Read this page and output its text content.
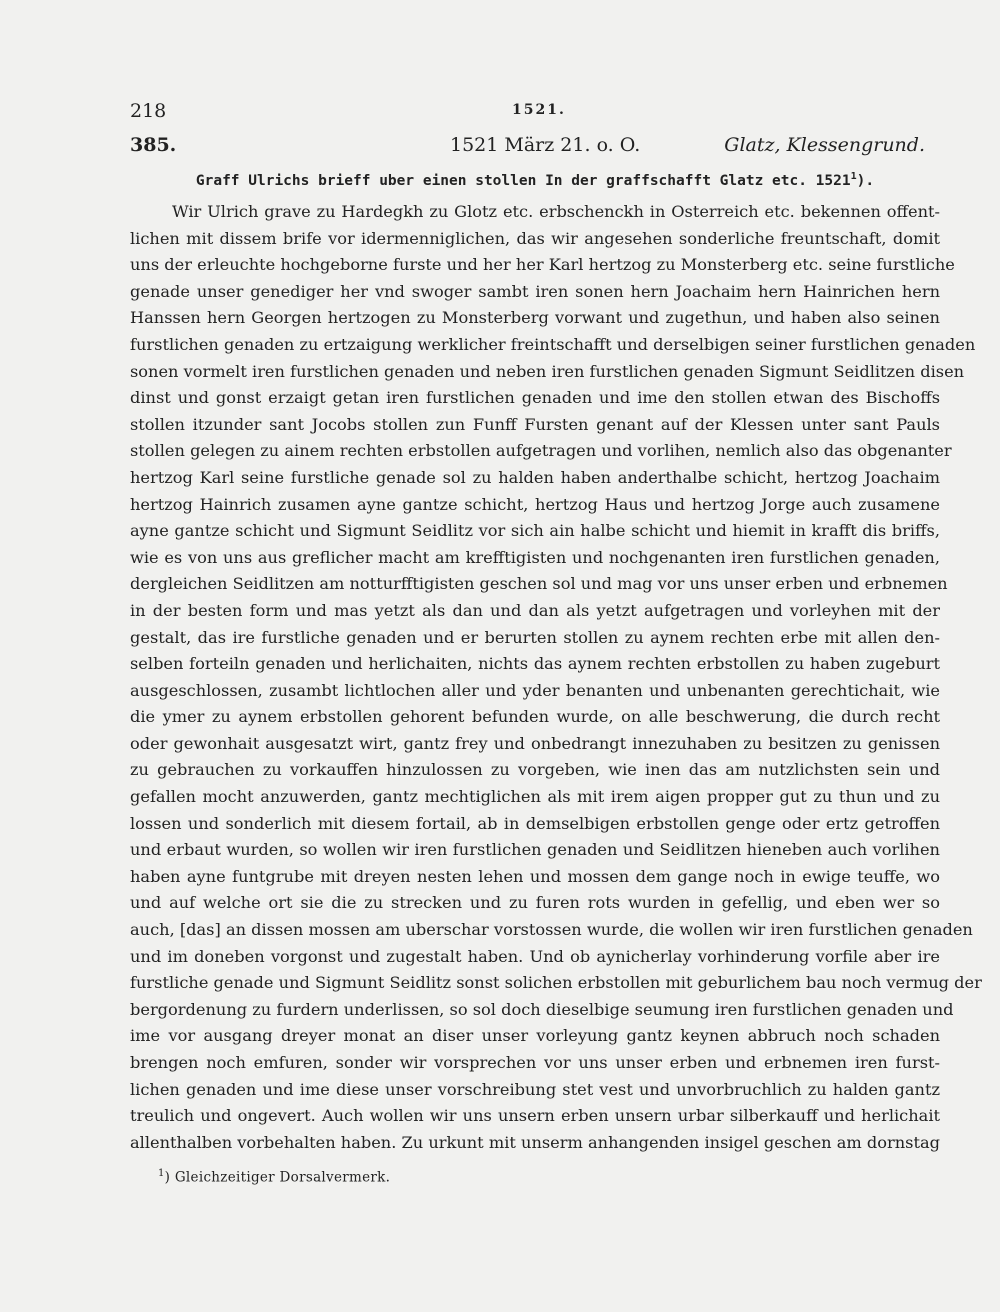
218	1521.
385.	1521 März 21. o. O.	Glatz, Klessengrund.
Graff Ulrichs brieff uber einen stollen In der graffschafft Glatz etc. 1521$^1$).
Wir Ulrich grave zu Hardegkh zu Glotz etc. erbschenckh in Osterreich etc. bekennen offent-
lichen mit dissem brife vor idermenniglichen, das wir angesehen sonderliche freuntschaft, domit
uns der erleuchte hochgeborne furste und her her Karl hertzog zu Monsterberg etc. seine furstliche
genade unser genediger her vnd swoger sambt iren sonen hern Joachaim hern Hainrichen hern
Hanssen hern Georgen hertzogen zu Monsterberg vorwant und zugethun, und haben also seinen
furstlichen genaden zu ertzaigung werklicher freintschafft und derselbigen seiner furstlichen genaden
sonen vormelt iren furstlichen genaden und neben iren furstlichen genaden Sigmunt Seidlitzen disen
dinst und gonst erzaigt getan iren furstlichen genaden und ime den stollen etwan des Bischoffs
stollen itzunder sant Jocobs stollen zun Funff Fursten genant auf der Klessen unter sant Pauls
stollen gelegen zu ainem rechten erbstollen aufgetragen und vorlihen, nemlich also das obgenanter
hertzog Karl seine furstliche genade sol zu halden haben anderthalbe schicht, hertzog Joachaim
hertzog Hainrich zusamen ayne gantze schicht, hertzog Haus und hertzog Jorge auch zusamene
ayne gantze schicht und Sigmunt Seidlitz vor sich ain halbe schicht und hiemit in krafft dis briffs,
wie es von uns aus greflicher macht am krefftigisten und nochgenanten iren furstlichen genaden,
dergleichen Seidlitzen am notturfftigisten geschen sol und mag vor uns unser erben und erbnemen
in der besten form und mas yetzt als dan und dan als yetzt aufgetragen und vorleyhen mit der
gestalt, das ire furstliche genaden und er berurten stollen zu aynem rechten erbe mit allen den-
selben forteiln genaden und herlichaiten, nichts das aynem rechten erbstollen zu haben zugeburt
ausgeschlossen, zusambt lichtlochen aller und yder benanten und unbenanten gerechtichait, wie
die ymer zu aynem erbstollen gehorent befunden wurde, on alle beschwerung, die durch recht
oder gewonhait ausgesatzt wirt, gantz frey und onbedrangt innezuhaben zu besitzen zu genissen
zu gebrauchen zu vorkauffen hinzulossen zu vorgeben, wie inen das am nutzlichsten sein und
gefallen mocht anzuwerden, gantz mechtiglichen als mit irem aigen propper gut zu thun und zu
lossen und sonderlich mit diesem fortail, ab in demselbigen erbstollen genge oder ertz getroffen
und erbaut wurden, so wollen wir iren furstlichen genaden und Seidlitzen hieneben auch vorlihen
haben ayne funtgrube mit dreyen nesten lehen und mossen dem gange noch in ewige teuffe, wo
und auf welche ort sie die zu strecken und zu furen rots wurden in gefellig, und eben wer so
auch, [das] an dissen mossen am uberschar vorstossen wurde, die wollen wir iren furstlichen genaden
und im doneben vorgonst und zugestalt haben. Und ob aynicherlay vorhinderung vorfile aber ire
furstliche genade und Sigmunt Seidlitz sonst solichen erbstollen mit geburlichem bau noch vermug der
bergordenung zu furdern underlissen, so sol doch dieselbige seumung iren furstlichen genaden und
ime vor ausgang dreyer monat an diser unser vorleyung gantz keynen abbruch noch schaden
brengen noch emfuren, sonder wir vorsprechen vor uns unser erben und erbnemen iren furst-
lichen genaden und ime diese unser vorschreibung stet vest und unvorbruchlich zu halden gantz
treulich und ongevert. Auch wollen wir uns unsern erben unsern urbar silberkauff und herlichait
allenthalben vorbehalten haben. Zu urkunt mit unserm anhangenden insigel geschen am dornstag
$^1$) Gleichzeitiger Dorsalvermerk.
